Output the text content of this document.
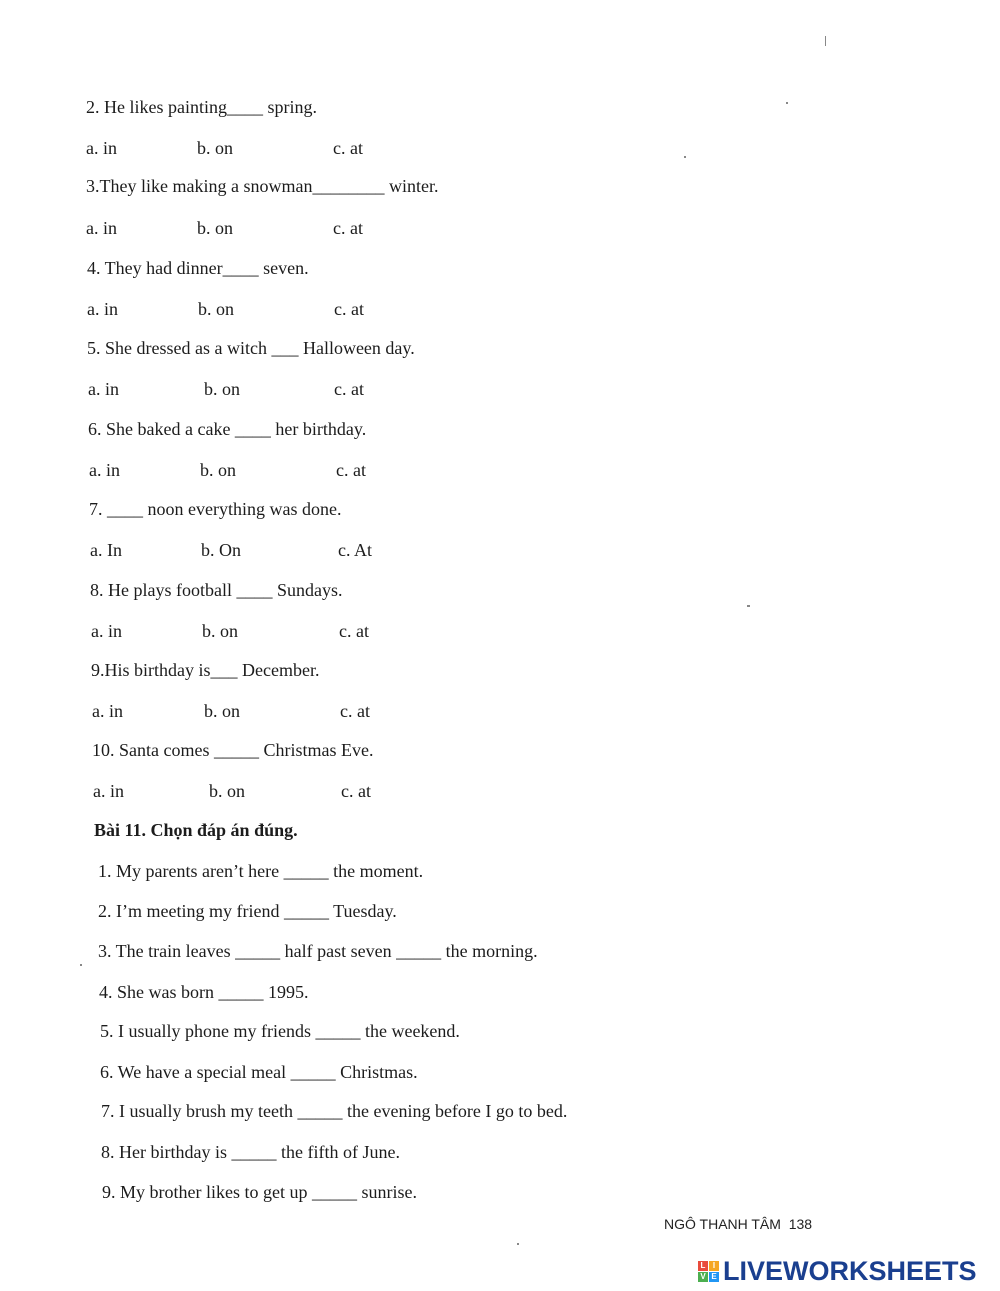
2. He likes painting____ spring.
a. in	b. on	c. at
3.They like making a snowman________ winter.
a. in	b. on	c. at
4. They had dinner____ seven.
a. in	b. on	c. at
5. She dressed as a witch ___ Halloween day.
a. in	b. on	c. at
6. She baked a cake ____ her birthday.
a. in	b. on	c. at
7. ____ noon everything was done.
a. In	b. On	c. At
8. He plays football ____ Sundays.
a. in	b. on	c. at
9.His birthday is___ December.
a. in	b. on	c. at
10. Santa comes _____ Christmas Eve.
a. in	b. on	c. at
Bài 11. Chọn đáp án đúng.
1. My parents aren’t here _____ the moment.
2. I’m meeting my friend _____ Tuesday.
3. The train leaves _____ half past seven _____ the morning.
4. She was born _____ 1995.
5. I usually phone my friends _____ the weekend.
6. We have a special meal _____ Christmas.
7. I usually brush my teeth _____ the evening before I go to bed.
8. Her birthday is _____ the fifth of June.
9. My brother likes to get up _____ sunrise.
NGÔ THANH TÂM 138
L I
V E LIVEWORKSHEETS
